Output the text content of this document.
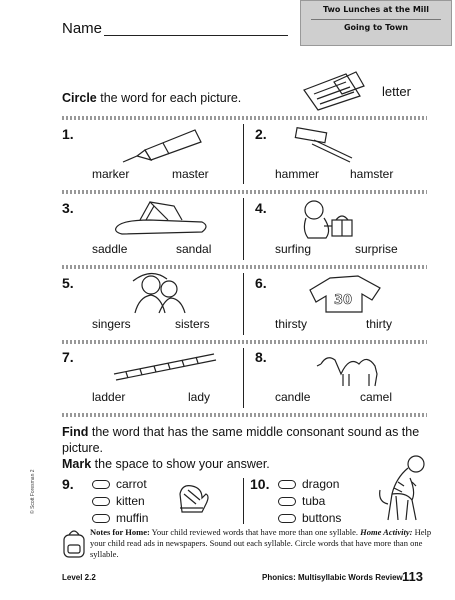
Name
Two Lunches at the Mill
Going to Town
letter
Circle the word for each picture.
1.
marker	master
2.
hammer	hamster
3.
saddle	sandal
4.
surfing	surprise
5.
singers	sisters
6.
30
thirsty	thirty
7.
ladder	lady
8.
candle	camel
Find the word that has the same middle consonant sound as the picture.
Mark the space to show your answer.
9.	carrot
kitten
muffin
10.	dragon
tuba
buttons
Notes for Home: Your child reviewed words that have more than one syllable. Home Activity: Help your child read ads in newspapers. Sound out each syllable. Circle words that have more than one syllable.
© Scott Foresman 2
Level 2.2	Phonics: Multisyllabic Words Review 113
